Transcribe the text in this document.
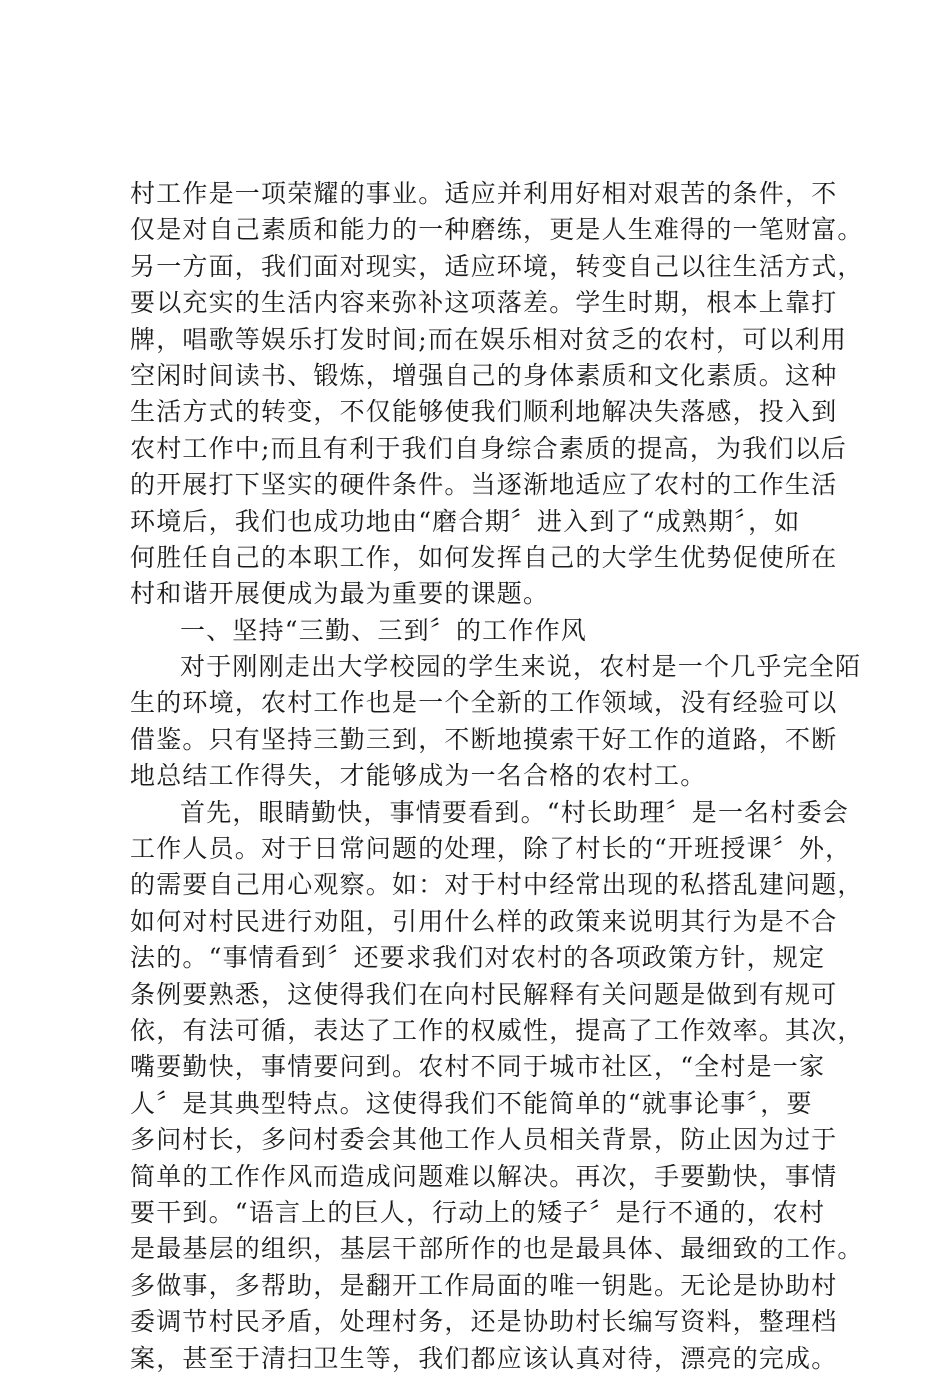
村工作是一项荣耀的事业。适应并利用好相对艰苦的条件，不
仅是对自己素质和能力的一种磨练，更是人生难得的一笔财富。
另一方面，我们面对现实，适应环境，转变自己以往生活方式，
要以充实的生活内容来弥补这项落差。学生时期，根本上靠打
牌，唱歌等娱乐打发时间;而在娱乐相对贫乏的农村，可以利用
空闲时间读书、锻炼，增强自己的身体素质和文化素质。这种
生活方式的转变，不仅能够使我们顺利地解决失落感，投入到
农村工作中;而且有利于我们自身综合素质的提高，为我们以后
的开展打下坚实的硬件条件。当逐渐地适应了农村的工作生活
环境后，我们也成功地由“磨合期〞进入到了“成熟期〞，如
何胜任自己的本职工作，如何发挥自己的大学生优势促使所在
村和谐开展便成为最为重要的课题。
一、坚持“三勤、三到〞的工作作风
对于刚刚走出大学校园的学生来说，农村是一个几乎完全陌
生的环境，农村工作也是一个全新的工作领域，没有经验可以
借鉴。只有坚持三勤三到，不断地摸索干好工作的道路，不断
地总结工作得失，才能够成为一名合格的农村工。
首先，眼睛勤快，事情要看到。“村长助理〞是一名村委会
工作人员。对于日常问题的处理，除了村长的“开班授课〞外，
的需要自己用心观察。如：对于村中经常出现的私搭乱建问题，
如何对村民进行劝阻，引用什么样的政策来说明其行为是不合
法的。“事情看到〞还要求我们对农村的各项政策方针，规定
条例要熟悉，这使得我们在向村民解释有关问题是做到有规可
依，有法可循，表达了工作的权威性，提高了工作效率。其次，
嘴要勤快，事情要问到。农村不同于城市社区，“全村是一家
人〞是其典型特点。这使得我们不能简单的“就事论事〞，要
多问村长，多问村委会其他工作人员相关背景，防止因为过于
简单的工作作风而造成问题难以解决。再次，手要勤快，事情
要干到。“语言上的巨人，行动上的矮子〞是行不通的，农村
是最基层的组织，基层干部所作的也是最具体、最细致的工作。
多做事，多帮助，是翻开工作局面的唯一钥匙。无论是协助村
委调节村民矛盾，处理村务，还是协助村长编写资料，整理档
案，甚至于清扫卫生等，我们都应该认真对待，漂亮的完成。
